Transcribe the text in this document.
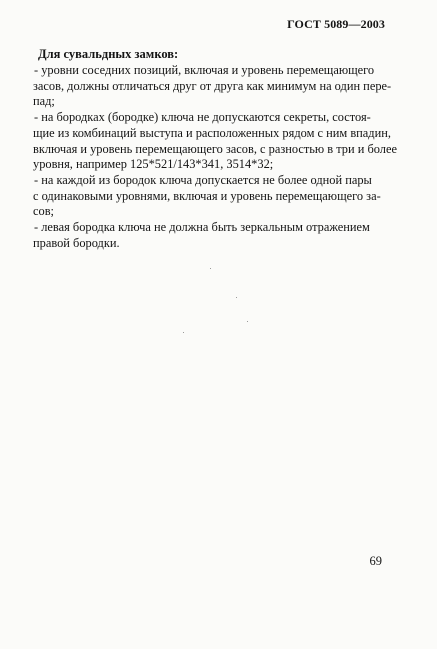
ГОСТ 5089—2003
Для сувальдных замков:

- уровни соседних позиций, включая и уровень перемещающего
засов, должны отличаться друг от друга как минимум на один пере-
пад;

- на бородках (бородке) ключа не допускаются секреты, состоя-
щие из комбинаций выступа и расположенных рядом с ним впадин,
включая и уровень перемещающего засов, с разностью в три и более
уровня, например 125*521/143*341, 3514*32;

- на каждой из бородок ключа допускается не более одной пары
с одинаковыми уровнями, включая и уровень перемещающего за-
сов;

- левая бородка ключа не должна быть зеркальным отражением
правой бородки.

69
